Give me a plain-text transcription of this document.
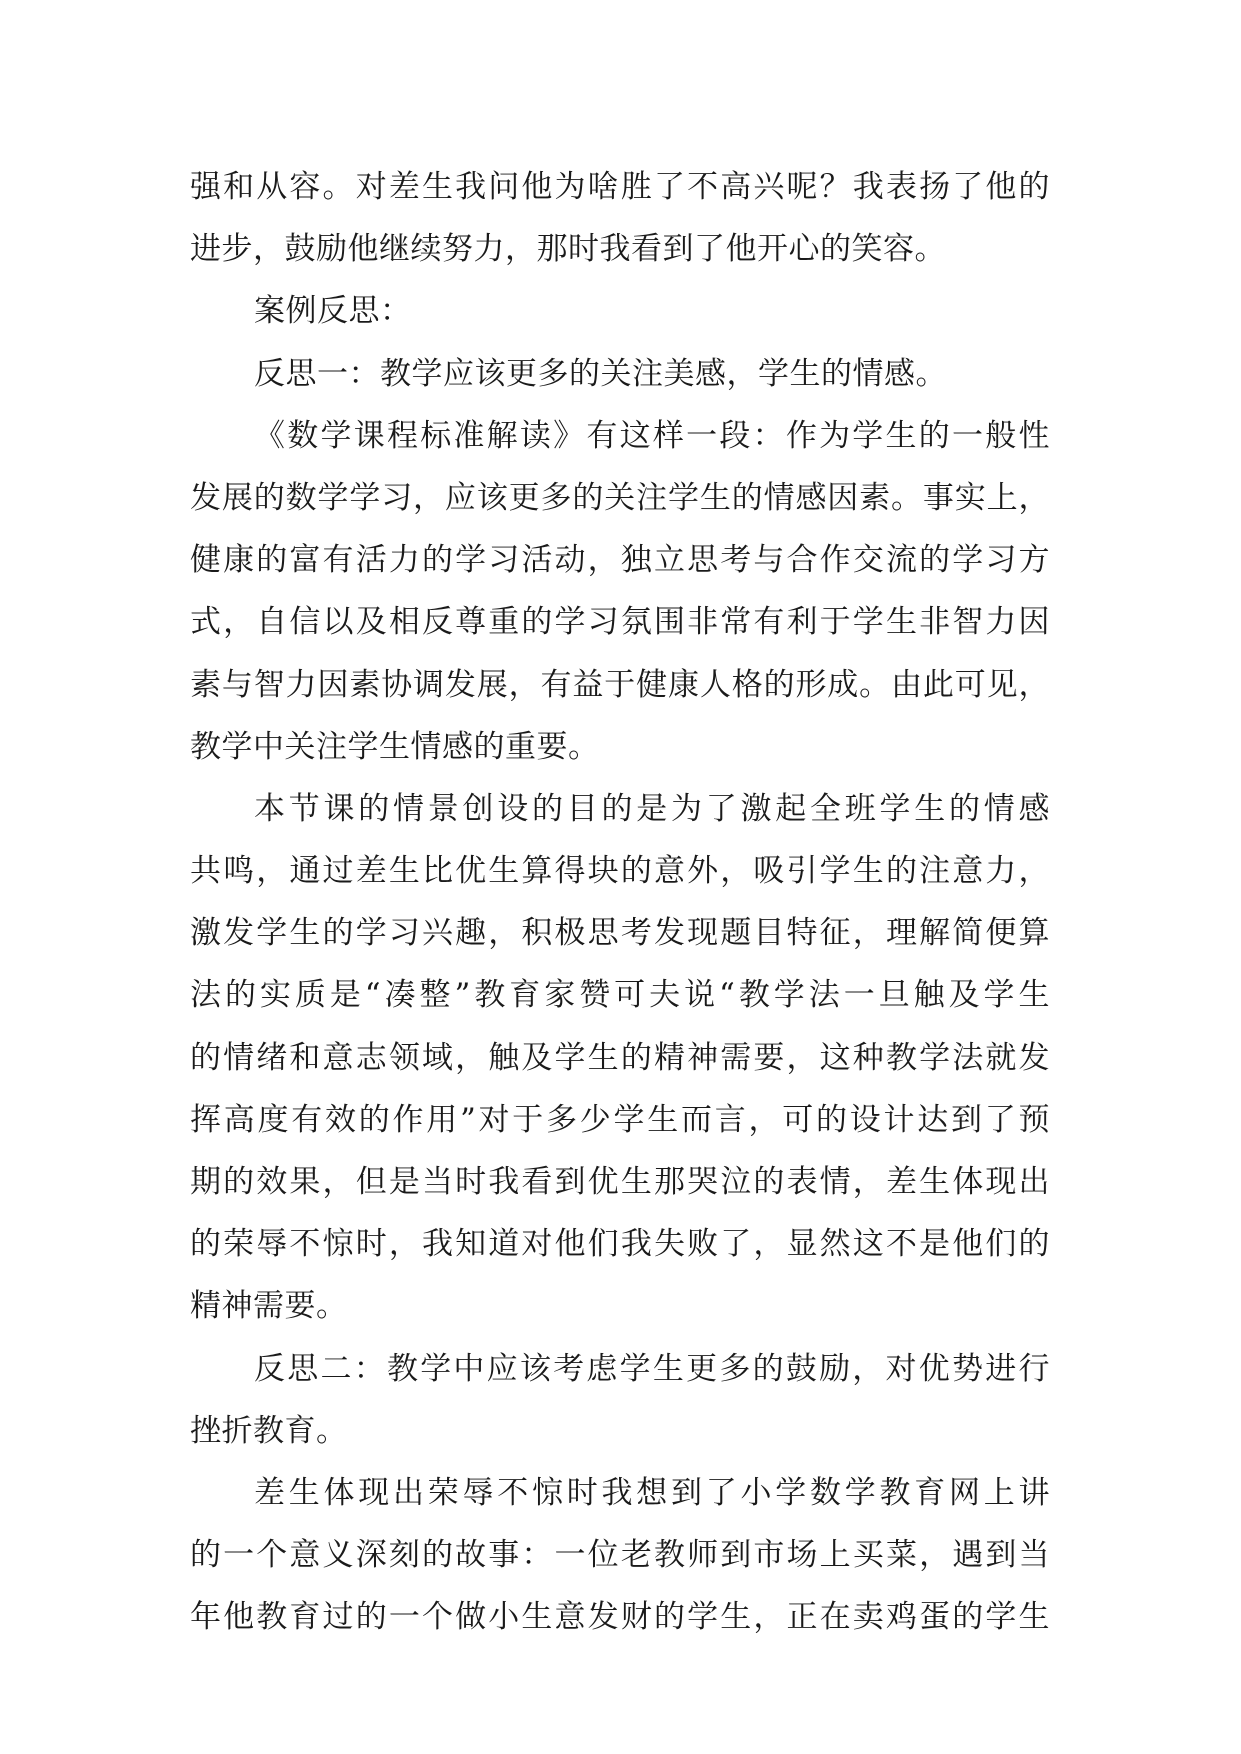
强和从容。对差生我问他为啥胜了不高兴呢？我表扬了他的
进步，鼓励他继续努力，那时我看到了他开心的笑容。
案例反思：
反思一：教学应该更多的关注美感，学生的情感。
《数学课程标准解读》有这样一段：作为学生的一般性
发展的数学学习，应该更多的关注学生的情感因素。事实上，
健康的富有活力的学习活动，独立思考与合作交流的学习方
式，自信以及相反尊重的学习氛围非常有利于学生非智力因
素与智力因素协调发展，有益于健康人格的形成。由此可见，
教学中关注学生情感的重要。
本节课的情景创设的目的是为了激起全班学生的情感
共鸣，通过差生比优生算得块的意外，吸引学生的注意力，
激发学生的学习兴趣，积极思考发现题目特征，理解简便算
法的实质是“凑整”教育家赞可夫说“教学法一旦触及学生
的情绪和意志领域，触及学生的精神需要，这种教学法就发
挥高度有效的作用”对于多少学生而言，可的设计达到了预
期的效果，但是当时我看到优生那哭泣的表情，差生体现出
的荣辱不惊时，我知道对他们我失败了，显然这不是他们的
精神需要。
反思二：教学中应该考虑学生更多的鼓励，对优势进行
挫折教育。
差生体现出荣辱不惊时我想到了小学数学教育网上讲
的一个意义深刻的故事：一位老教师到市场上买菜，遇到当
年他教育过的一个做小生意发财的学生，正在卖鸡蛋的学生
